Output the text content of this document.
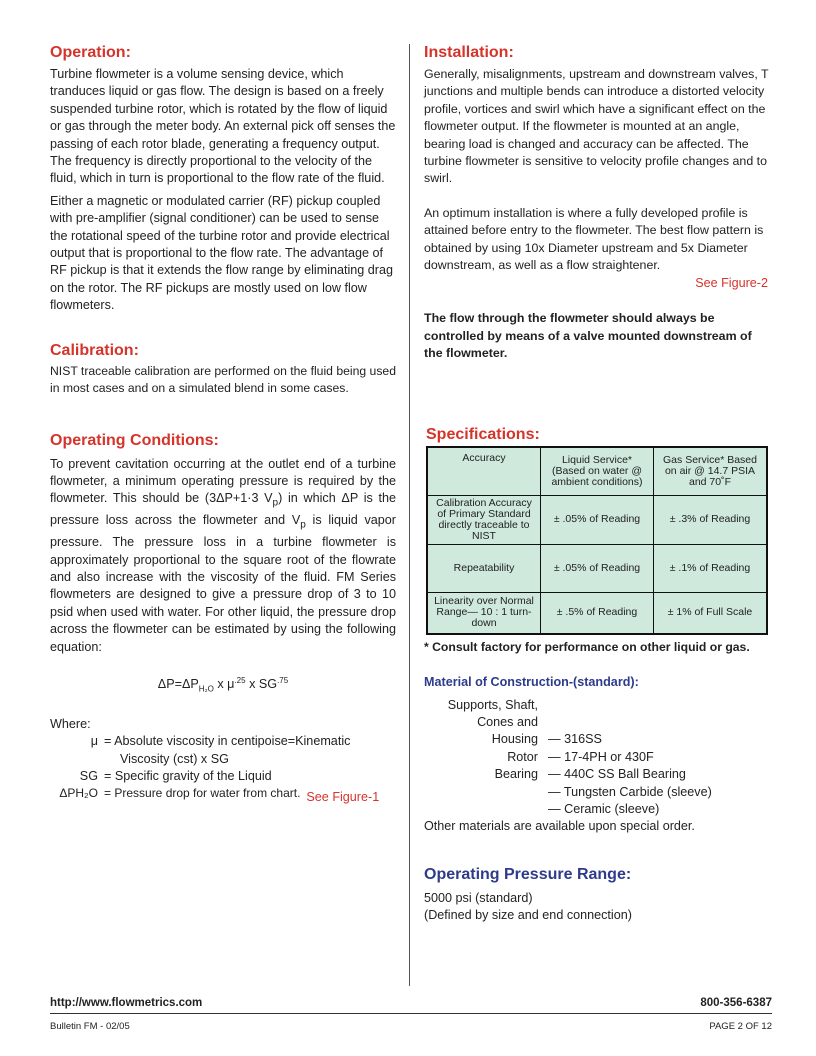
Operation:

Turbine flowmeter is a volume sensing device, which tranduces liquid or gas flow. The design is based on a freely suspended turbine rotor, which is rotated by the flow of liquid or gas through the meter body. An external pick off senses the passing of each rotor blade, generating a frequency output. The frequency is directly proportional to the velocity of the fluid, which in turn is proportional to the flow rate of the fluid.

Either a magnetic or modulated carrier (RF) pickup coupled with pre-amplifier (signal conditioner) can be used to sense the rotational speed of the turbine rotor and provide electrical output that is proportional to the flow rate. The advantage of RF pickup is that it extends the flow range by eliminating drag on the rotor. The RF pickups are mostly used on low flow flowmeters.

Calibration:

NIST traceable calibration are performed on the fluid being used in most cases and on a simulated blend in some cases.

Operating Conditions:

To prevent cavitation occurring at the outlet end of a turbine flowmeter, a minimum operating pressure is required by the flowmeter. This should be (3ΔP+1·3 $V_p$) in which ΔP is the pressure loss across the flowmeter and $V_p$ is liquid vapor pressure. The pressure loss in a turbine flowmeter is approximately proportional to the square root of the flowrate and also increase with the viscosity of the fluid. FM Series flowmeters are designed to give a pressure drop of 3 to 10 psid when used with water. For other liquid, the pressure drop across the flowmeter can be estimated by using the following equation:

$\Delta P=\Delta P_{H_2O}$ x $\mu^{.25}$ x $SG^{.75}$

Where:

μ = Absolute viscosity in centipoise=Kinematic
Viscosity (cst) x SG
SG = Specific gravity of the Liquid
ΔPH₂O = Pressure drop for water from chart. See Figure-1
Installation:

Generally, misalignments, upstream and downstream valves, T junctions and multiple bends can introduce a distorted velocity profile, vortices and swirl which have a significant effect on the flowmeter output. If the flowmeter is mounted at an angle, bearing load is changed and accuracy can be affected. The turbine flowmeter is sensitive to velocity profile changes and to swirl.

An optimum installation is where a fully developed profile is attained before entry to the flowmeter. The best flow pattern is obtained by using 10x Diameter upstream and 5x Diameter downstream, as well as a flow straightener.

See Figure-2

The flow through the flowmeter should always be controlled by means of a valve mounted downstream of the flowmeter.

Specifications:
Accuracy	Liquid Service* (Based on water @ ambient conditions)	Gas Service* Based on air @ 14.7 PSIA and 70˚F
Calibration Accuracy of Primary Standard directly traceable to NIST	± .05% of Reading	± .3% of Reading
Repeatability	± .05% of Reading	± .1% of Reading
Linearity over Normal Range— 10 : 1 turn-down	± .5% of Reading	± 1% of Full Scale

* Consult factory for performance on other liquid or gas.

Material of Construction-(standard):
Supports, Shaft,
Cones and
Housing — 316SS
Rotor — 17-4PH or 430F
Bearing — 440C SS Ball Bearing
— Tungsten Carbide (sleeve)
— Ceramic (sleeve)

Other materials are available upon special order.

Operating Pressure Range:

5000 psi (standard)

(Defined by size and end connection)

http://www.flowmetrics.com	800-356-6387
Bulletin FM - 02/05	PAGE 2 OF 12
